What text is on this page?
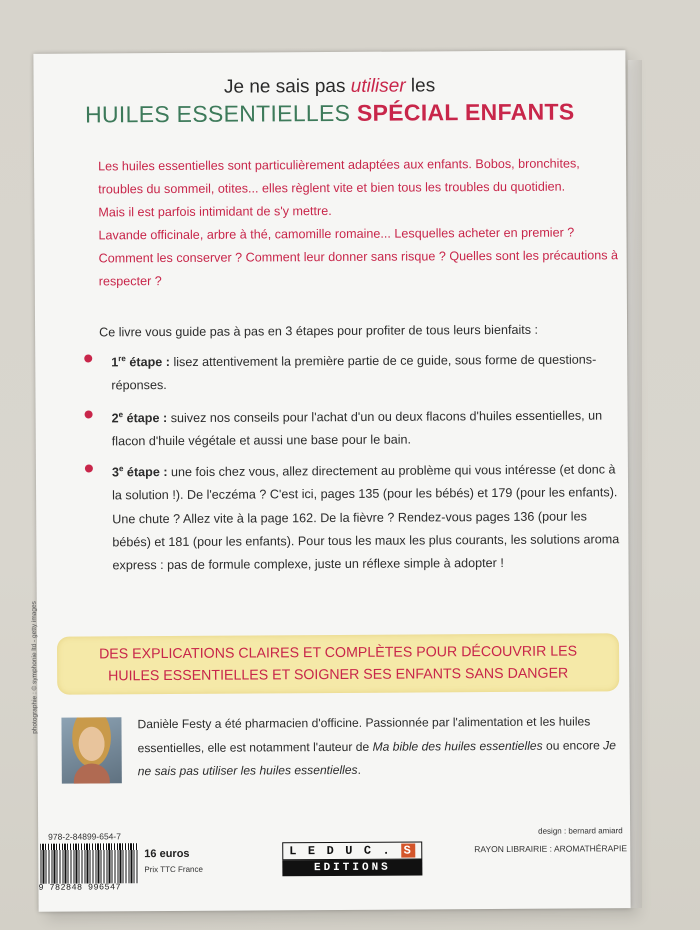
Je ne sais pas utiliser les
HUILES ESSENTIELLES SPÉCIAL ENFANTS

Les huiles essentielles sont particulièrement adaptées aux enfants. Bobos, bronchites, troubles du sommeil, otites... elles règlent vite et bien tous les troubles du quotidien.

Mais il est parfois intimidant de s'y mettre.

Lavande officinale, arbre à thé, camomille romaine... Lesquelles acheter en premier ? Comment les conserver ? Comment leur donner sans risque ? Quelles sont les précautions à respecter ?

Ce livre vous guide pas à pas en 3 étapes pour profiter de tous leurs bienfaits :
1re étape : lisez attentivement la première partie de ce guide, sous forme de questions-réponses.
2e étape : suivez nos conseils pour l'achat d'un ou deux flacons d'huiles essentielles, un flacon d'huile végétale et aussi une base pour le bain.
3e étape : une fois chez vous, allez directement au problème qui vous intéresse (et donc à la solution !). De l'eczéma ? C'est ici, pages 135 (pour les bébés) et 179 (pour les enfants). Une chute ? Allez vite à la page 162. De la fièvre ? Rendez-vous pages 136 (pour les bébés) et 181 (pour les enfants). Pour tous les maux les plus courants, les solutions aroma express : pas de formule complexe, juste un réflexe simple à adopter !
DES EXPLICATIONS CLAIRES ET COMPLÈTES POUR DÉCOUVRIR LES
HUILES ESSENTIELLES ET SOIGNER SES ENFANTS SANS DANGER
photographie : © symphonie ltd - getty images	Danièle Festy a été pharmacien d'officine. Passionnée par l'alimentation et les huiles essentielles, elle est notamment l'auteur de Ma bible des huiles essentielles ou encore Je ne sais pas utiliser les huiles essentielles.
978-2-84899-654-7
9 782848 996547
16 euros
Prix TTC France
L E D U C . S
EDITIONS
design : bernard amiard
RAYON LIBRAIRIE : AROMATHÉRAPIE
